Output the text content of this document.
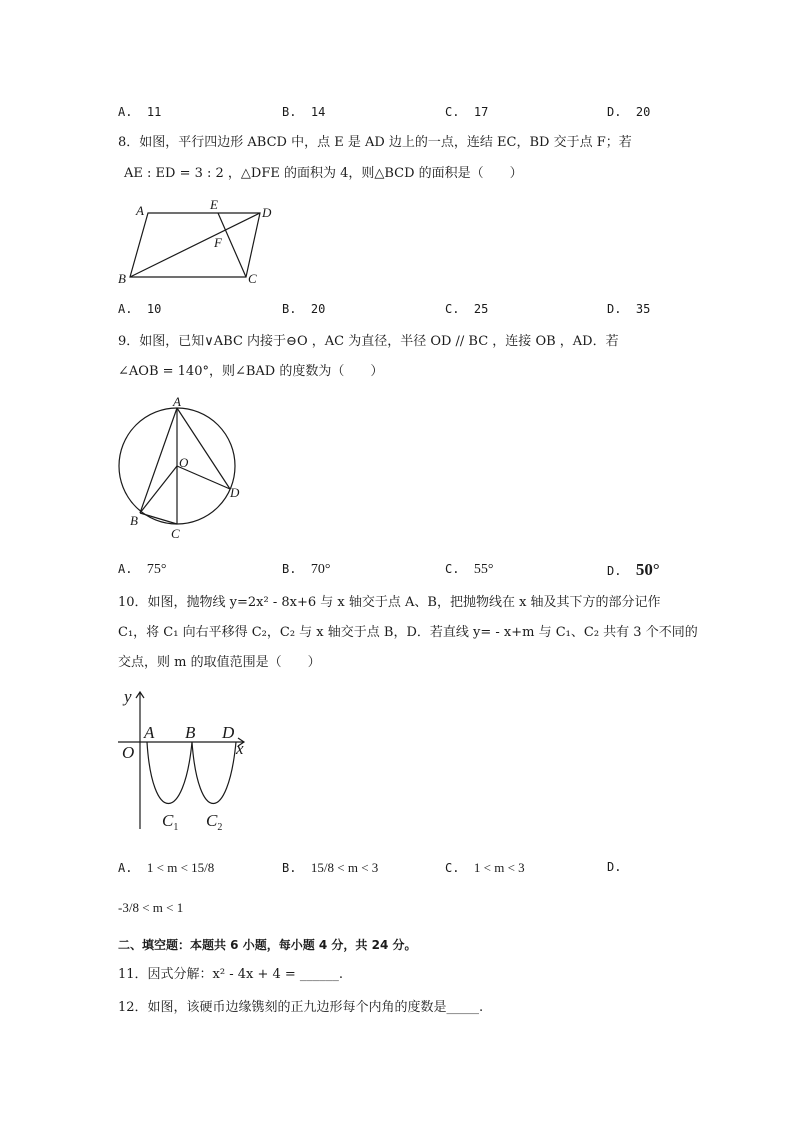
A. 11	B. 14	C. 17	D. 20
8．如图，平行四边形 ABCD 中，点 E 是 AD 边上的一点，连结 EC，BD 交于点 F；若
AE : ED = 3 : 2 ，△DFE 的面积为 4，则△BCD 的面积是（　　）
A	E
D
F
B	C
A. 10	B. 20	C. 25	D. 35
9．如图，已知∨ABC 内接于⊖O ，AC 为直径，半径 OD // BC ，连接 OB ，AD．若
∠AOB = 140°，则∠BAD 的度数为（　　）
A
O
D
B
C
A. 75°	B. 70°	C. 55°	D. 50°
10．如图，抛物线 y=2x² - 8x+6 与 x 轴交于点 A、B，把抛物线在 x 轴及其下方的部分记作
C₁，将 C₁ 向右平移得 C₂，C₂ 与 x 轴交于点 B，D．若直线 y= - x+m 与 C₁、C₂ 共有 3 个不同的
交点，则 m 的取值范围是（　　）
y
x
O
A B D
$C_1$ $C_2$
A. 1 < m < 15/8	B. 15/8 < m < 3	C. 1 < m < 3	D.
-3/8 < m < 1
二、填空题：本题共 6 小题，每小题 4 分，共 24 分。
11．因式分解：x² - 4x + 4 = ______.
12．如图，该硬币边缘镌刻的正九边形每个内角的度数是_____.
